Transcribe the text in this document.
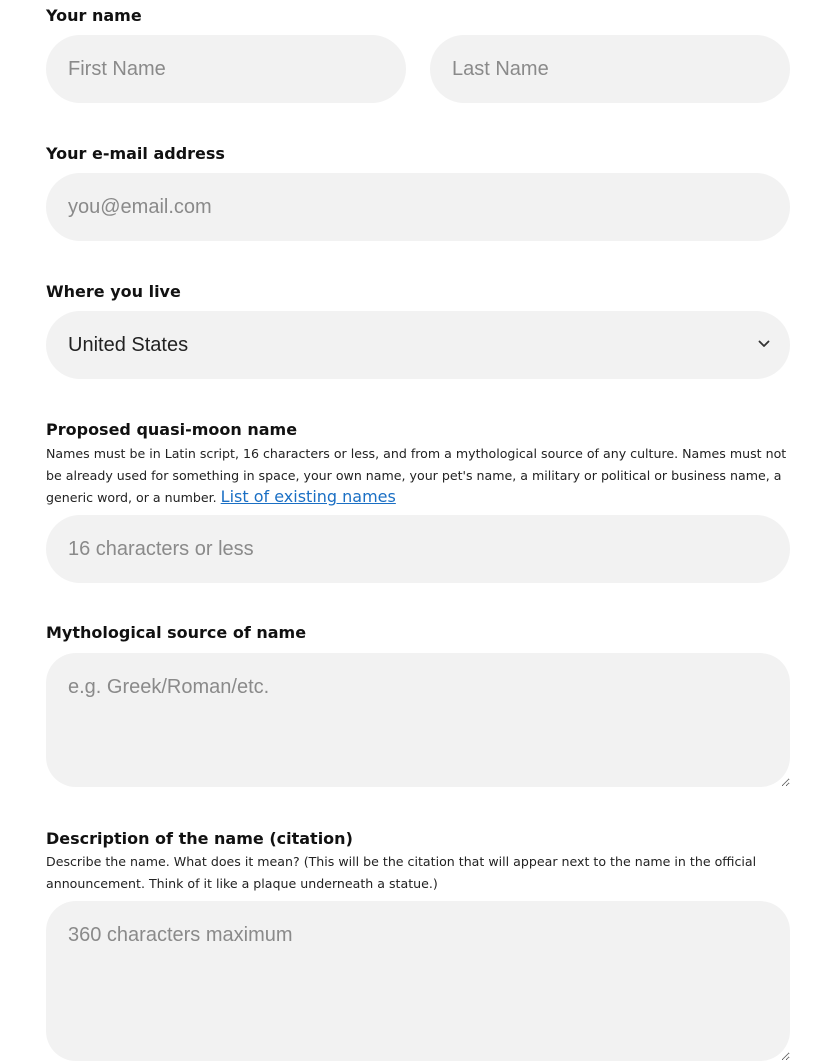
Your name
First Name
Last Name
Your e-mail address
you@email.com
Where you live
United States
Proposed quasi-moon name
Names must be in Latin script, 16 characters or less, and from a mythological source of any culture. Names must not be already used for something in space, your own name, your pet's name, a military or political or business name, a generic word, or a number. List of existing names
16 characters or less
Mythological source of name
e.g. Greek/Roman/etc.
Description of the name (citation)
Describe the name. What does it mean? (This will be the citation that will appear next to the name in the official announcement. Think of it like a plaque underneath a statue.)
360 characters maximum
